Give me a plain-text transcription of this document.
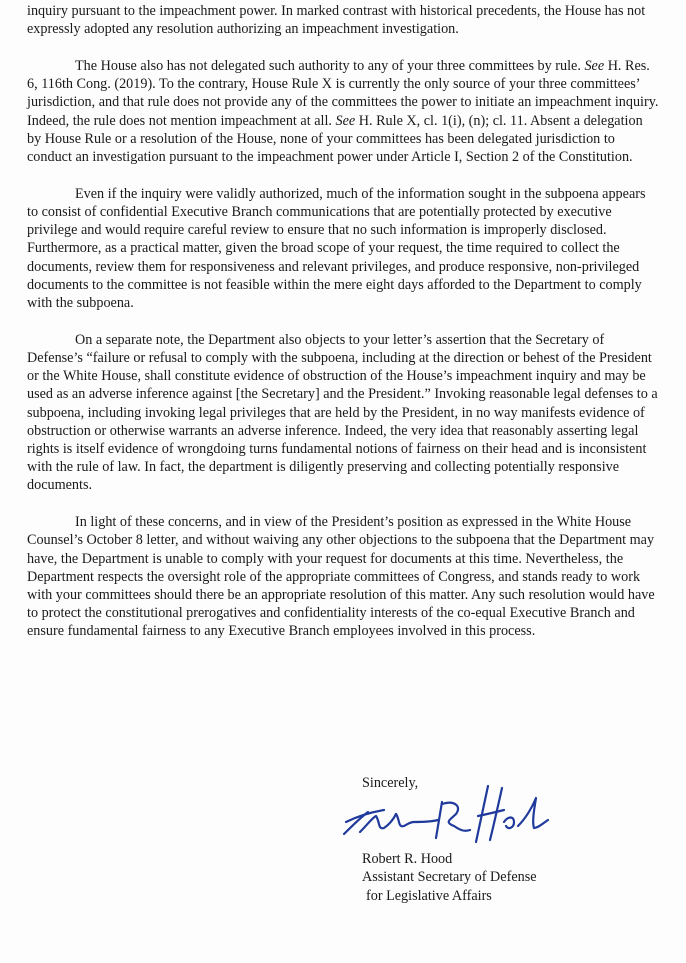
inquiry pursuant to the impeachment power. In marked contrast with historical precedents, the House has not expressly adopted any resolution authorizing an impeachment investigation.

The House also has not delegated such authority to any of your three committees by rule. See H. Res. 6, 116th Cong. (2019). To the contrary, House Rule X is currently the only source of your three committees’ jurisdiction, and that rule does not provide any of the committees the power to initiate an impeachment inquiry. Indeed, the rule does not mention impeachment at all. See H. Rule X, cl. 1(i), (n); cl. 11. Absent a delegation by House Rule or a resolution of the House, none of your committees has been delegated jurisdiction to conduct an investigation pursuant to the impeachment power under Article I, Section 2 of the Constitution.

Even if the inquiry were validly authorized, much of the information sought in the subpoena appears to consist of confidential Executive Branch communications that are potentially protected by executive privilege and would require careful review to ensure that no such information is improperly disclosed. Furthermore, as a practical matter, given the broad scope of your request, the time required to collect the documents, review them for responsiveness and relevant privileges, and produce responsive, non-privileged documents to the committee is not feasible within the mere eight days afforded to the Department to comply with the subpoena.

On a separate note, the Department also objects to your letter’s assertion that the Secretary of Defense’s “failure or refusal to comply with the subpoena, including at the direction or behest of the President or the White House, shall constitute evidence of obstruction of the House’s impeachment inquiry and may be used as an adverse inference against [the Secretary] and the President.” Invoking reasonable legal defenses to a subpoena, including invoking legal privileges that are held by the President, in no way manifests evidence of obstruction or otherwise warrants an adverse inference. Indeed, the very idea that reasonably asserting legal rights is itself evidence of wrongdoing turns fundamental notions of fairness on their head and is inconsistent with the rule of law. In fact, the department is diligently preserving and collecting potentially responsive documents.

In light of these concerns, and in view of the President’s position as expressed in the White House Counsel’s October 8 letter, and without waiving any other objections to the subpoena that the Department may have, the Department is unable to comply with your request for documents at this time. Nevertheless, the Department respects the oversight role of the appropriate committees of Congress, and stands ready to work with your committees should there be an appropriate resolution of this matter. Any such resolution would have to protect the constitutional prerogatives and confidentiality interests of the co-equal Executive Branch and ensure fundamental fairness to any Executive Branch employees involved in this process.

Sincerely,
Robert R. Hood
Robert R. Hood
Assistant Secretary of Defense
for Legislative Affairs
